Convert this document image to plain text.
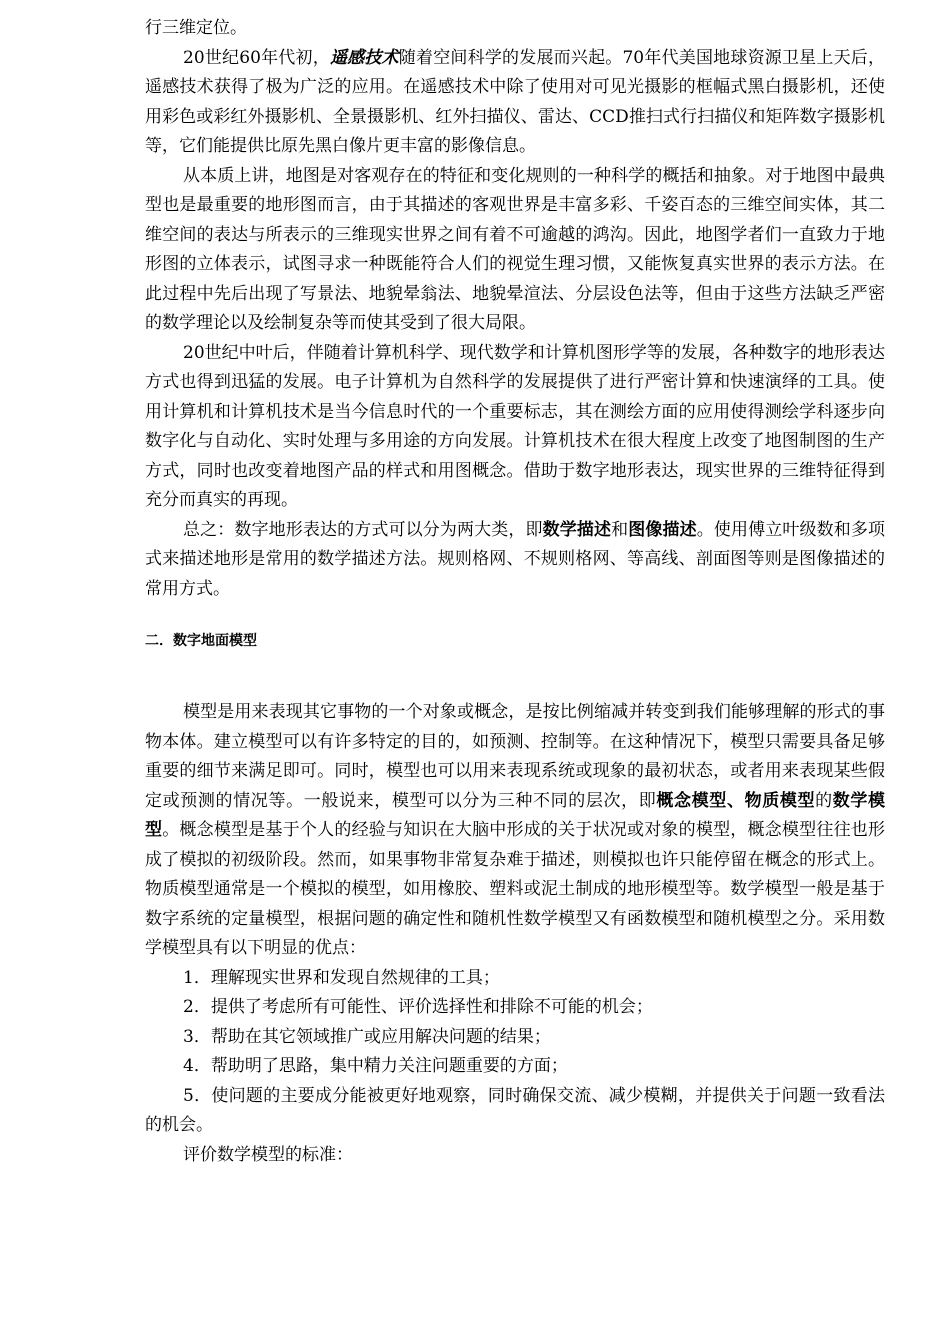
行三维定位。

20世纪60年代初，遥感技术随着空间科学的发展而兴起。70年代美国地球资源卫星上天后，遥感技术获得了极为广泛的应用。在遥感技术中除了使用对可见光摄影的框幅式黑白摄影机，还使用彩色或彩红外摄影机、全景摄影机、红外扫描仪、雷达、CCD推扫式行扫描仪和矩阵数字摄影机等，它们能提供比原先黑白像片更丰富的影像信息。

从本质上讲，地图是对客观存在的特征和变化规则的一种科学的概括和抽象。对于地图中最典型也是最重要的地形图而言，由于其描述的客观世界是丰富多彩、千姿百态的三维空间实体，其二维空间的表达与所表示的三维现实世界之间有着不可逾越的鸿沟。因此，地图学者们一直致力于地形图的立体表示，试图寻求一种既能符合人们的视觉生理习惯，又能恢复真实世界的表示方法。在此过程中先后出现了写景法、地貌晕翁法、地貌晕渲法、分层设色法等，但由于这些方法缺乏严密的数学理论以及绘制复杂等而使其受到了很大局限。

20世纪中叶后，伴随着计算机科学、现代数学和计算机图形学等的发展，各种数字的地形表达方式也得到迅猛的发展。电子计算机为自然科学的发展提供了进行严密计算和快速演绎的工具。使用计算机和计算机技术是当今信息时代的一个重要标志，其在测绘方面的应用使得测绘学科逐步向数字化与自动化、实时处理与多用途的方向发展。计算机技术在很大程度上改变了地图制图的生产方式，同时也改变着地图产品的样式和用图概念。借助于数字地形表达，现实世界的三维特征得到充分而真实的再现。

总之：数字地形表达的方式可以分为两大类，即数学描述和图像描述。使用傅立叶级数和多项式来描述地形是常用的数学描述方法。规则格网、不规则格网、等高线、剖面图等则是图像描述的常用方式。

二．数字地面模型

模型是用来表现其它事物的一个对象或概念，是按比例缩减并转变到我们能够理解的形式的事物本体。建立模型可以有许多特定的目的，如预测、控制等。在这种情况下，模型只需要具备足够重要的细节来满足即可。同时，模型也可以用来表现系统或现象的最初状态，或者用来表现某些假定或预测的情况等。一般说来，模型可以分为三种不同的层次，即概念模型、物质模型的数学模型。概念模型是基于个人的经验与知识在大脑中形成的关于状况或对象的模型，概念模型往往也形成了模拟的初级阶段。然而，如果事物非常复杂难于描述，则模拟也许只能停留在概念的形式上。物质模型通常是一个模拟的模型，如用橡胶、塑料或泥土制成的地形模型等。数学模型一般是基于数字系统的定量模型，根据问题的确定性和随机性数学模型又有函数模型和随机模型之分。采用数学模型具有以下明显的优点：

1．理解现实世界和发现自然规律的工具；

2．提供了考虑所有可能性、评价选择性和排除不可能的机会；

3．帮助在其它领域推广或应用解决问题的结果；

4．帮助明了思路，集中精力关注问题重要的方面；

5．使问题的主要成分能被更好地观察，同时确保交流、减少模糊，并提供关于问题一致看法的机会。

评价数学模型的标准：
